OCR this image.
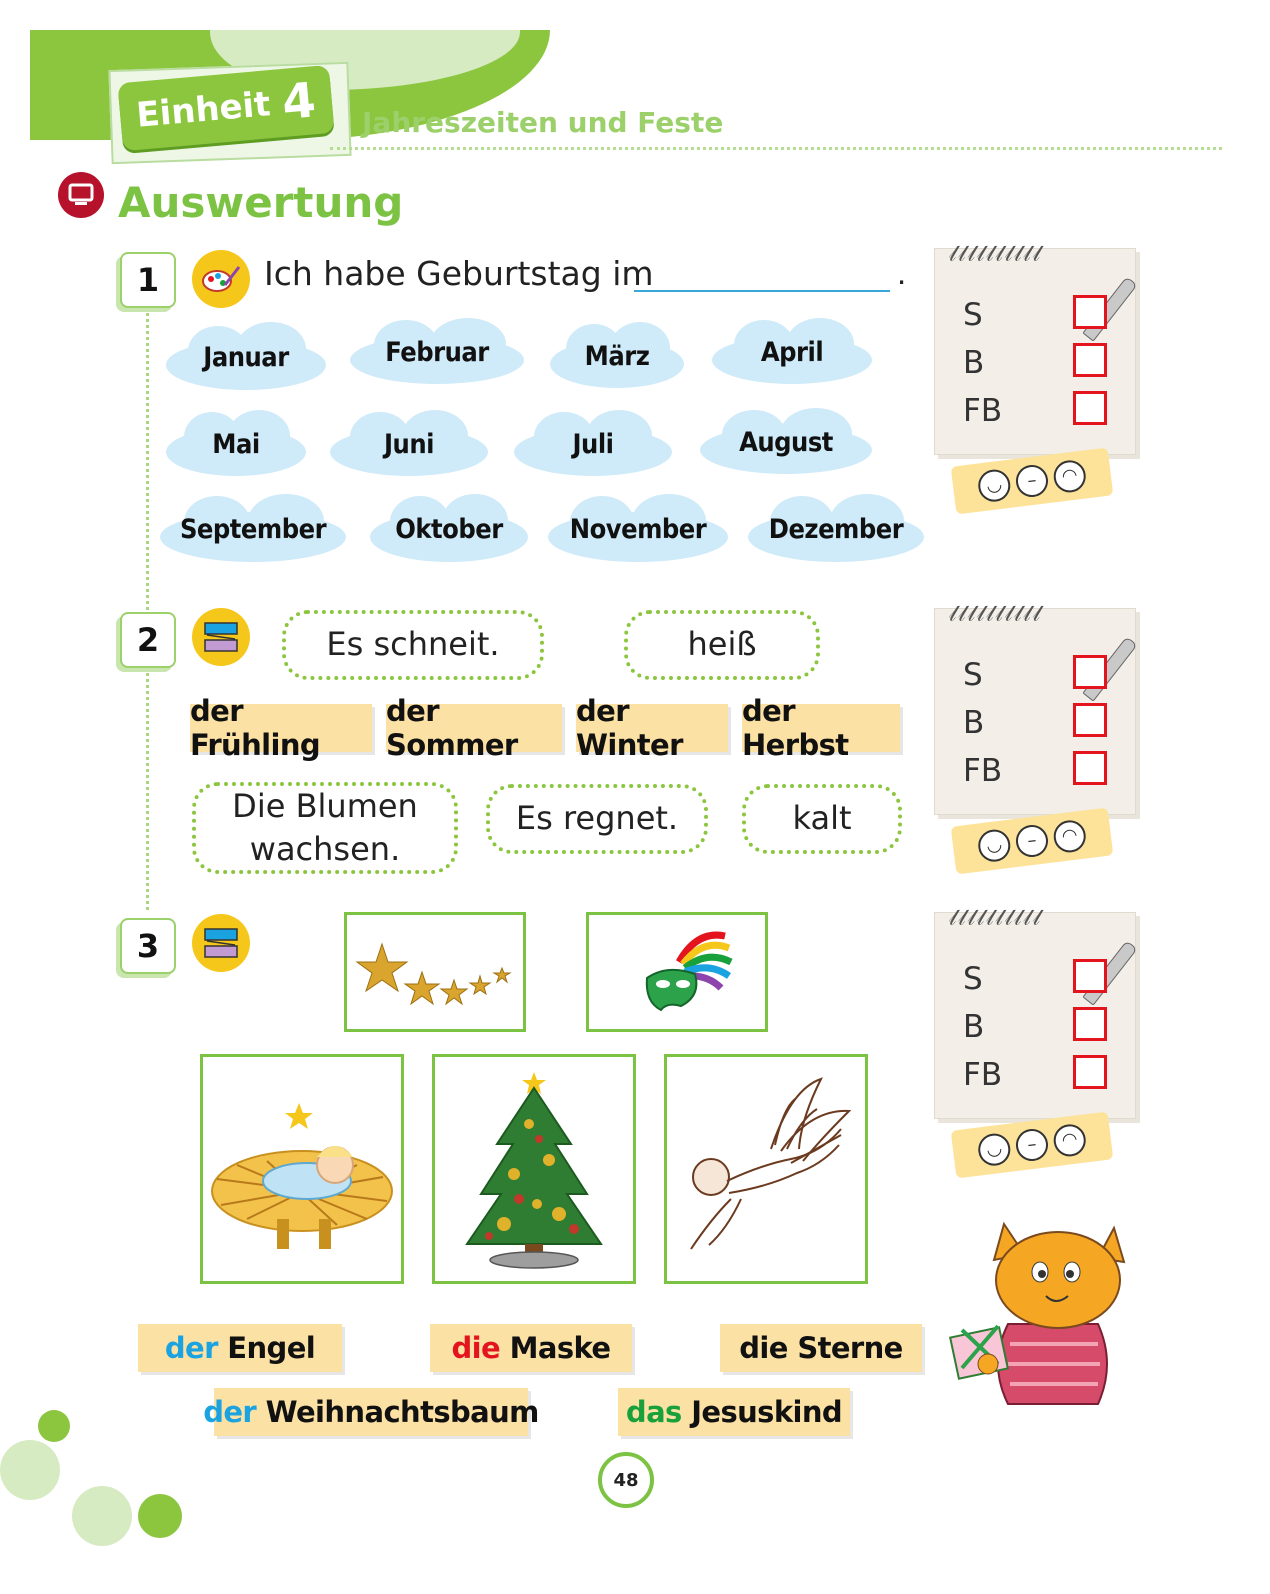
Einheit 4 Jahreszeiten und Feste
Auswertung
1	Ich habe Geburtstag im	.
Januar	Februar	März	April
Mai	Juni	Juli	August
September	Oktober November Dezember
2	Es schneit.	heiß
der Frühling
der Sommer
der Winter
der Herbst
Die Blumen wachsen.
Es regnet.	kalt
3
der
Engel	die
Maske	die Sterne
der
Weihnachtsbaum	das
Jesuskind
𝓁𝓁𝓁𝓁𝓁𝓁𝓁𝓁𝓁𝓁
S
B
FB
◡	–	◠
𝓁𝓁𝓁𝓁𝓁𝓁𝓁𝓁𝓁𝓁
S
B
FB
◡	–	◠
𝓁𝓁𝓁𝓁𝓁𝓁𝓁𝓁𝓁𝓁
S
B
FB
◡	–	◠
48
